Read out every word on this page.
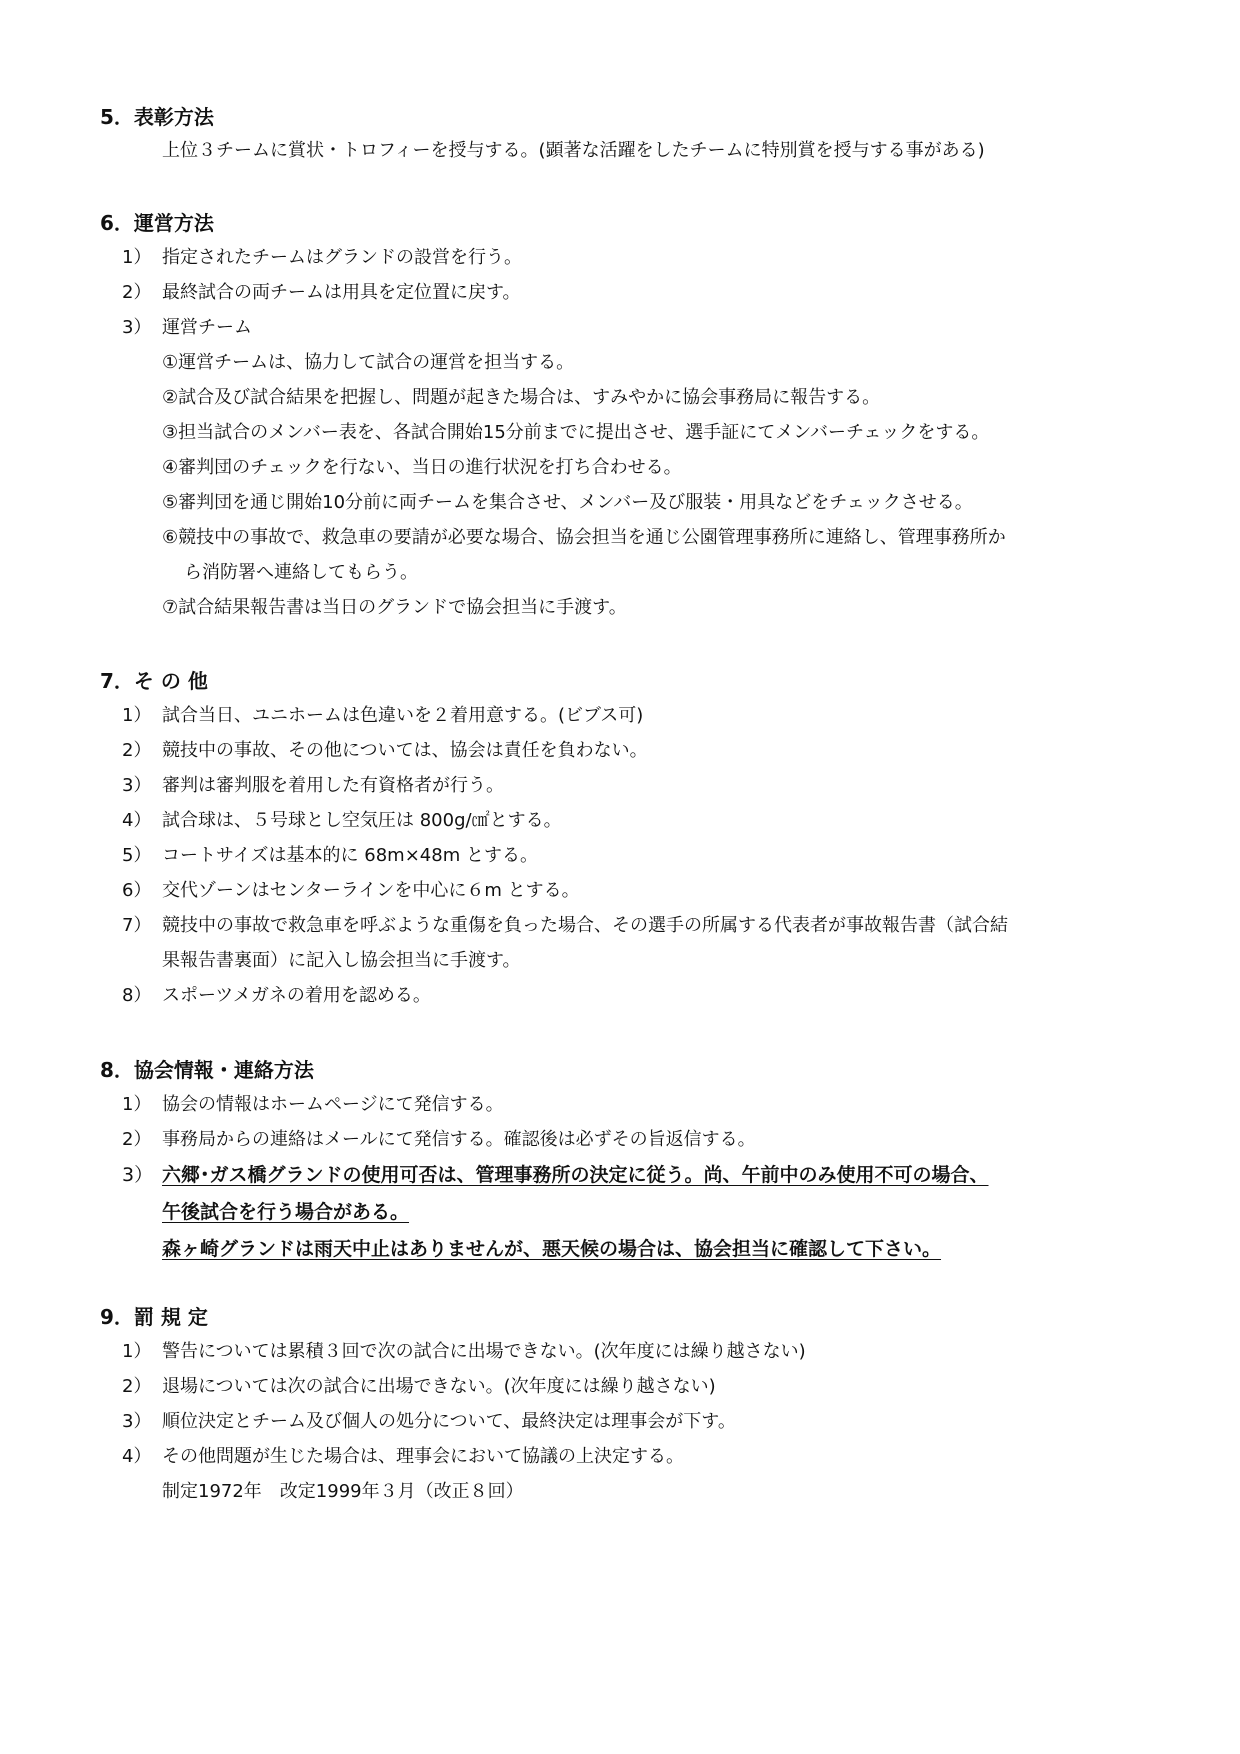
5．表彰方法
上位３チームに賞状・トロフィーを授与する。(顕著な活躍をしたチームに特別賞を授与する事がある)
6．運営方法
1） 指定されたチームはグランドの設営を行う。
2） 最終試合の両チームは用具を定位置に戻す。
3） 運営チーム
①運営チームは、協力して試合の運営を担当する。
②試合及び試合結果を把握し、問題が起きた場合は、すみやかに協会事務局に報告する。
③担当試合のメンバー表を、各試合開始15分前までに提出させ、選手証にてメンバーチェックをする。
④審判団のチェックを行ない、当日の進行状況を打ち合わせる。
⑤審判団を通じ開始10分前に両チームを集合させ、メンバー及び服装・用具などをチェックさせる。
⑥競技中の事故で、救急車の要請が必要な場合、協会担当を通じ公園管理事務所に連絡し、管理事務所か
ら消防署へ連絡してもらう。
⑦試合結果報告書は当日のグランドで協会担当に手渡す。
7．そ の 他
1） 試合当日、ユニホームは色違いを２着用意する。(ビブス可)
2） 競技中の事故、その他については、協会は責任を負わない。
3） 審判は審判服を着用した有資格者が行う。
4） 試合球は、５号球とし空気圧は 800g/㎠とする。
5） コートサイズは基本的に 68m×48m とする。
6） 交代ゾーンはセンターラインを中心に６m とする。
7） 競技中の事故で救急車を呼ぶような重傷を負った場合、その選手の所属する代表者が事故報告書（試合結
果報告書裏面）に記入し協会担当に手渡す。
8） スポーツメガネの着用を認める。
8．協会情報・連絡方法
1） 協会の情報はホームページにて発信する。
2） 事務局からの連絡はメールにて発信する。確認後は必ずその旨返信する。
3） 六郷･ガス橋グランドの使用可否は、管理事務所の決定に従う。尚、午前中のみ使用不可の場合、
午後試合を行う場合がある。
森ヶ崎グランドは雨天中止はありませんが、悪天候の場合は、協会担当に確認して下さい。
9．罰 規 定
1） 警告については累積３回で次の試合に出場できない。(次年度には繰り越さない)
2） 退場については次の試合に出場できない。(次年度には繰り越さない)
3） 順位決定とチーム及び個人の処分について、最終決定は理事会が下す。
4） その他問題が生じた場合は、理事会において協議の上決定する。
制定1972年　改定1999年３月（改正８回）
